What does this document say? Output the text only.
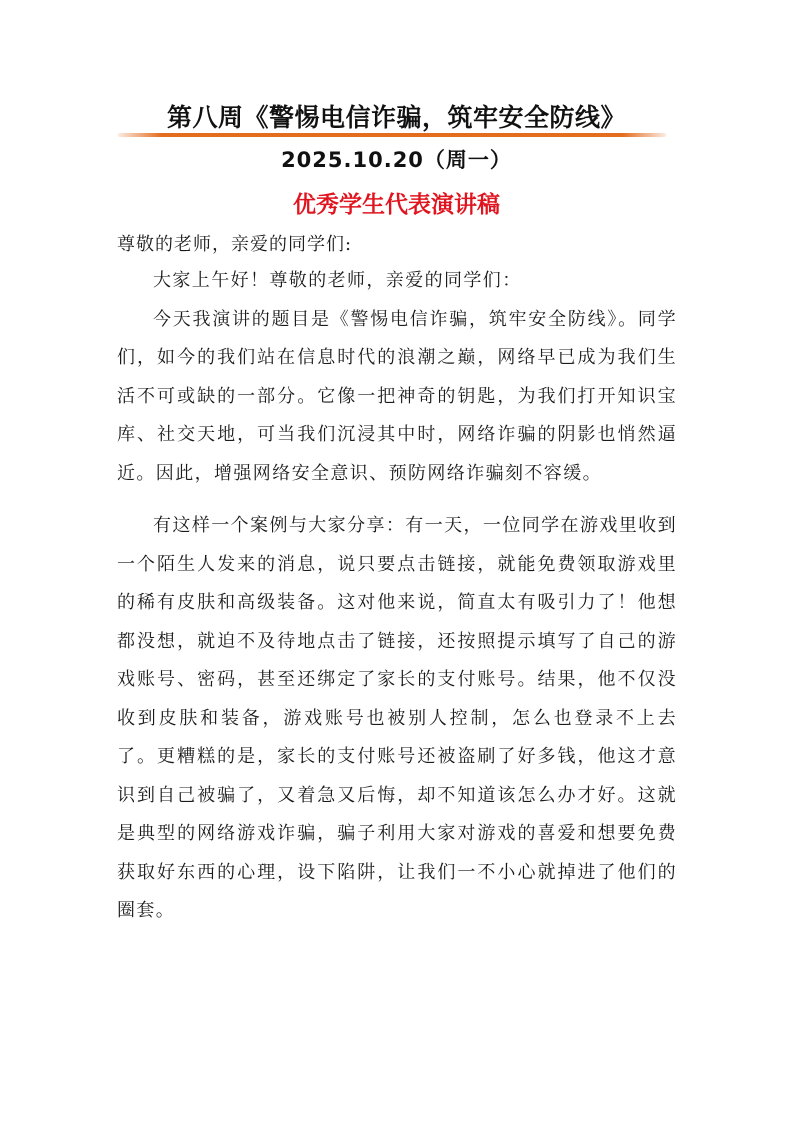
第八周《警惕电信诈骗，筑牢安全防线》
2025.10.20（周一）
优秀学生代表演讲稿
尊敬的老师，亲爱的同学们:

大家上午好！尊敬的老师，亲爱的同学们：

今天我演讲的题目是《警惕电信诈骗，筑牢安全防线》。同学们，如今的我们站在信息时代的浪潮之巅，网络早已成为我们生活不可或缺的一部分。它像一把神奇的钥匙，为我们打开知识宝库、社交天地，可当我们沉浸其中时，网络诈骗的阴影也悄然逼近。因此，增强网络安全意识、预防网络诈骗刻不容缓。

有这样一个案例与大家分享：有一天，一位同学在游戏里收到一个陌生人发来的消息，说只要点击链接，就能免费领取游戏里的稀有皮肤和高级装备。这对他来说，简直太有吸引力了！他想都没想，就迫不及待地点击了链接，还按照提示填写了自己的游戏账号、密码，甚至还绑定了家长的支付账号。结果，他不仅没收到皮肤和装备，游戏账号也被别人控制，怎么也登录不上去了。更糟糕的是，家长的支付账号还被盗刷了好多钱，他这才意识到自己被骗了，又着急又后悔，却不知道该怎么办才好。这就是典型的网络游戏诈骗，骗子利用大家对游戏的喜爱和想要免费获取好东西的心理，设下陷阱，让我们一不小心就掉进了他们的圈套。
